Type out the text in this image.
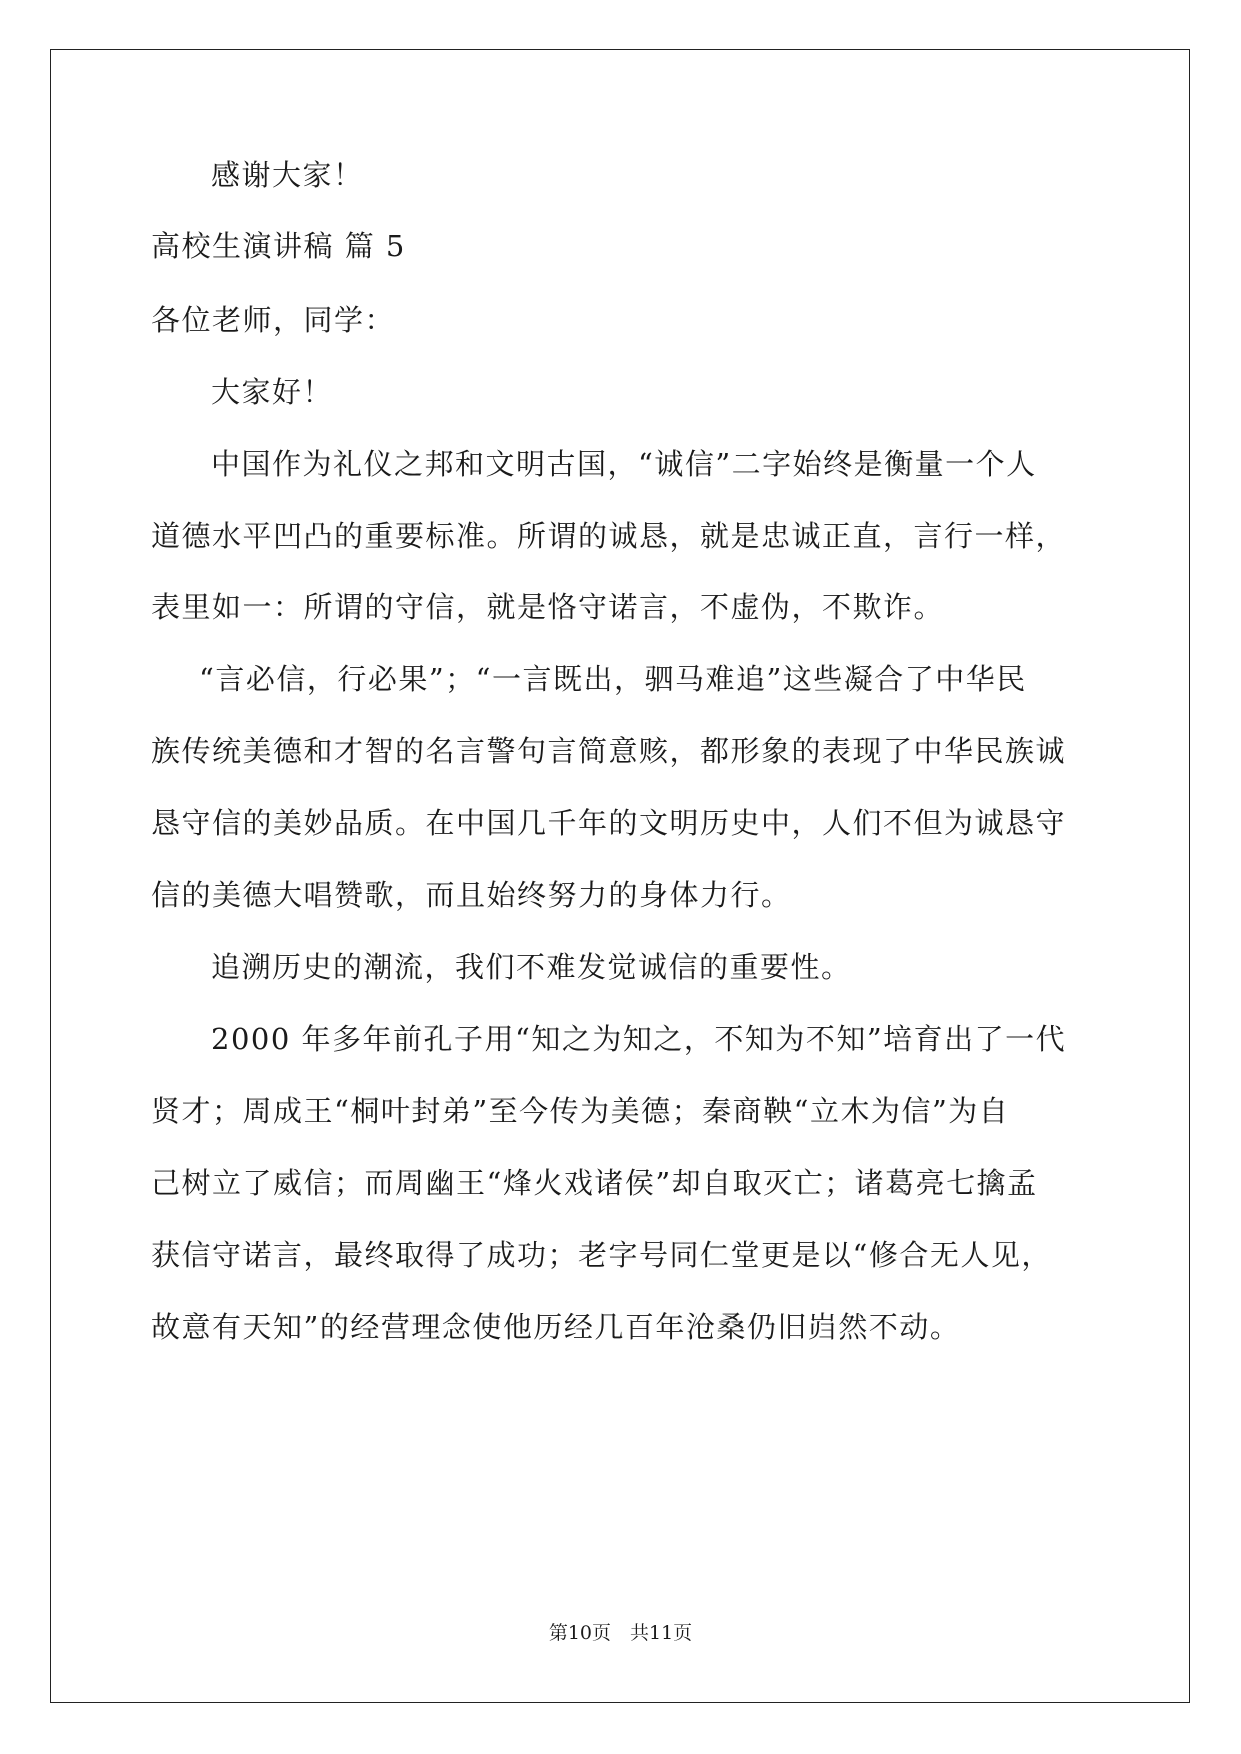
感谢大家！
高校生演讲稿 篇 5
各位老师，同学：
大家好！
中国作为礼仪之邦和文明古国，“诚信”二字始终是衡量一个人
道德水平凹凸的重要标准。所谓的诚恳，就是忠诚正直，言行一样，
表里如一：所谓的守信，就是恪守诺言，不虚伪，不欺诈。
“言必信，行必果”；“一言既出，驷马难追”这些凝合了中华民
族传统美德和才智的名言警句言简意赅，都形象的表现了中华民族诚
恳守信的美妙品质。在中国几千年的文明历史中，人们不但为诚恳守
信的美德大唱赞歌，而且始终努力的身体力行。
追溯历史的潮流，我们不难发觉诚信的重要性。
2000 年多年前孔子用“知之为知之，不知为不知”培育出了一代
贤才；周成王“桐叶封弟”至今传为美德；秦商鞅“立木为信”为自
己树立了威信；而周幽王“烽火戏诸侯”却自取灭亡；诸葛亮七擒孟
获信守诺言，最终取得了成功；老字号同仁堂更是以“修合无人见，
故意有天知”的经营理念使他历经几百年沧桑仍旧岿然不动。
第10页　共11页
